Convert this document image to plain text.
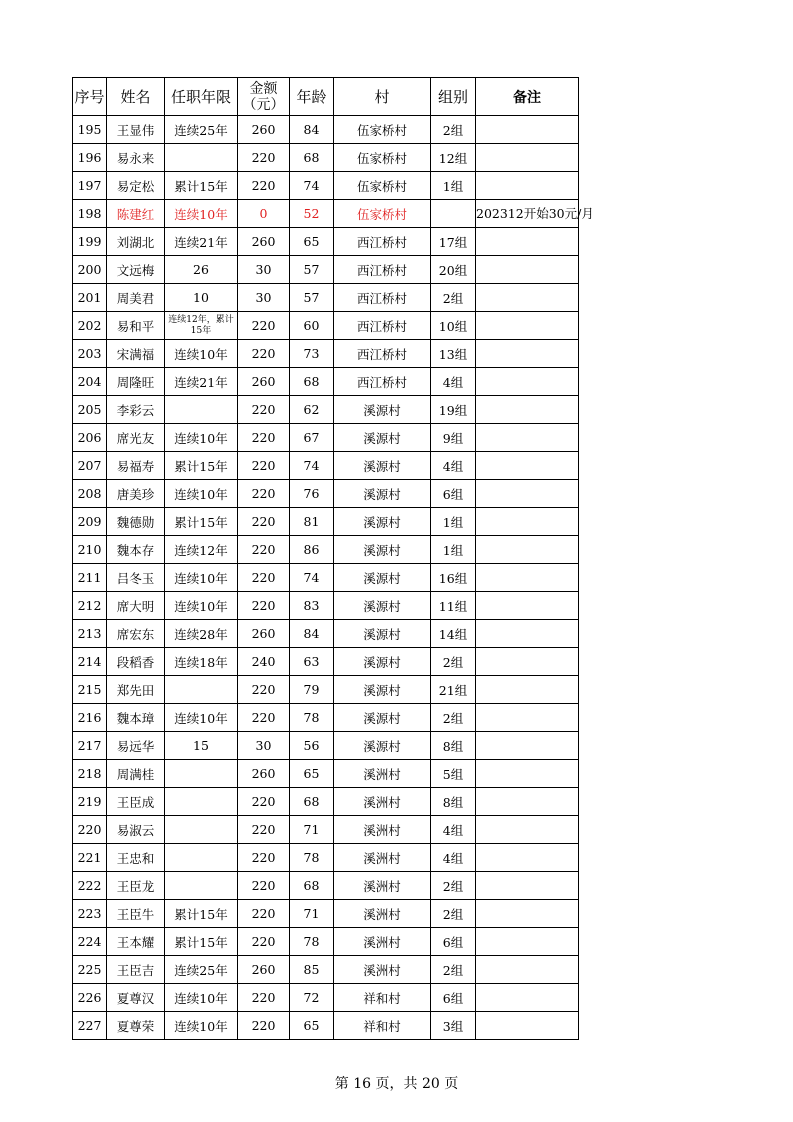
序号	姓名	任职年限	金额（元）	年龄	村	组别	备注
195	王显伟	连续25年	260	84	伍家桥村	2组	
196	易永来		220	68	伍家桥村	12组	
197	易定松	累计15年	220	74	伍家桥村	1组	
198	陈建红	连续10年	0	52	伍家桥村		202312开始30元/月
199	刘湖北	连续21年	260	65	西江桥村	17组	
200	文远梅	26	30	57	西江桥村	20组	
201	周美君	10	30	57	西江桥村	2组	
202	易和平	连续12年，累计15年	220	60	西江桥村	10组	
203	宋满福	连续10年	220	73	西江桥村	13组	
204	周隆旺	连续21年	260	68	西江桥村	4组	
205	李彩云		220	62	溪源村	19组	
206	席光友	连续10年	220	67	溪源村	9组	
207	易福寿	累计15年	220	74	溪源村	4组	
208	唐美珍	连续10年	220	76	溪源村	6组	
209	魏德勋	累计15年	220	81	溪源村	1组	
210	魏本存	连续12年	220	86	溪源村	1组	
211	吕冬玉	连续10年	220	74	溪源村	16组	
212	席大明	连续10年	220	83	溪源村	11组	
213	席宏东	连续28年	260	84	溪源村	14组	
214	段稻香	连续18年	240	63	溪源村	2组	
215	郑先田		220	79	溪源村	21组	
216	魏本璋	连续10年	220	78	溪源村	2组	
217	易远华	15	30	56	溪源村	8组	
218	周满桂		260	65	溪洲村	5组	
219	王臣成		220	68	溪洲村	8组	
220	易淑云		220	71	溪洲村	4组	
221	王忠和		220	78	溪洲村	4组	
222	王臣龙		220	68	溪洲村	2组	
223	王臣牛	累计15年	220	71	溪洲村	2组	
224	王本耀	累计15年	220	78	溪洲村	6组	
225	王臣吉	连续25年	260	85	溪洲村	2组	
226	夏尊汉	连续10年	220	72	祥和村	6组	
227	夏尊荣	连续10年	220	65	祥和村	3组	
第 16 页，共 20 页
